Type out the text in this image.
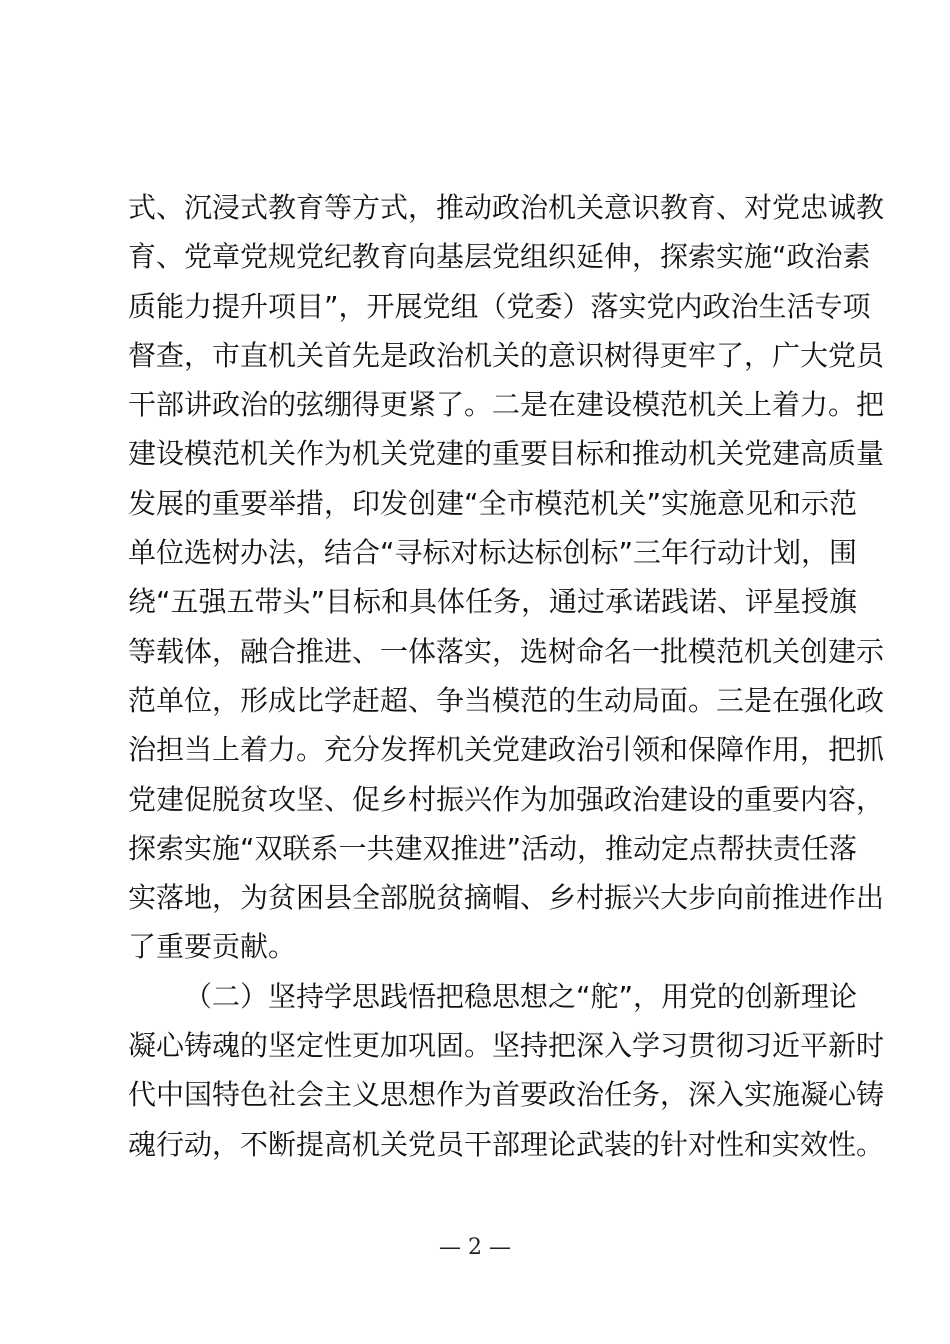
式、沉浸式教育等方式，推动政治机关意识教育、对党忠诚教
育、党章党规党纪教育向基层党组织延伸，探索实施“政治素
质能力提升项目”，开展党组（党委）落实党内政治生活专项
督查，市直机关首先是政治机关的意识树得更牢了，广大党员
干部讲政治的弦绷得更紧了。二是在建设模范机关上着力。把
建设模范机关作为机关党建的重要目标和推动机关党建高质量
发展的重要举措，印发创建“全市模范机关”实施意见和示范
单位选树办法，结合“寻标对标达标创标”三年行动计划，围
绕“五强五带头”目标和具体任务，通过承诺践诺、评星授旗
等载体，融合推进、一体落实，选树命名一批模范机关创建示
范单位，形成比学赶超、争当模范的生动局面。三是在强化政
治担当上着力。充分发挥机关党建政治引领和保障作用，把抓
党建促脱贫攻坚、促乡村振兴作为加强政治建设的重要内容，
探索实施“双联系一共建双推进”活动，推动定点帮扶责任落
实落地，为贫困县全部脱贫摘帽、乡村振兴大步向前推进作出
了重要贡献。
（二）坚持学思践悟把稳思想之“舵”，用党的创新理论
凝心铸魂的坚定性更加巩固。坚持把深入学习贯彻习近平新时
代中国特色社会主义思想作为首要政治任务，深入实施凝心铸
魂行动，不断提高机关党员干部理论武装的针对性和实效性。
— 2 —
